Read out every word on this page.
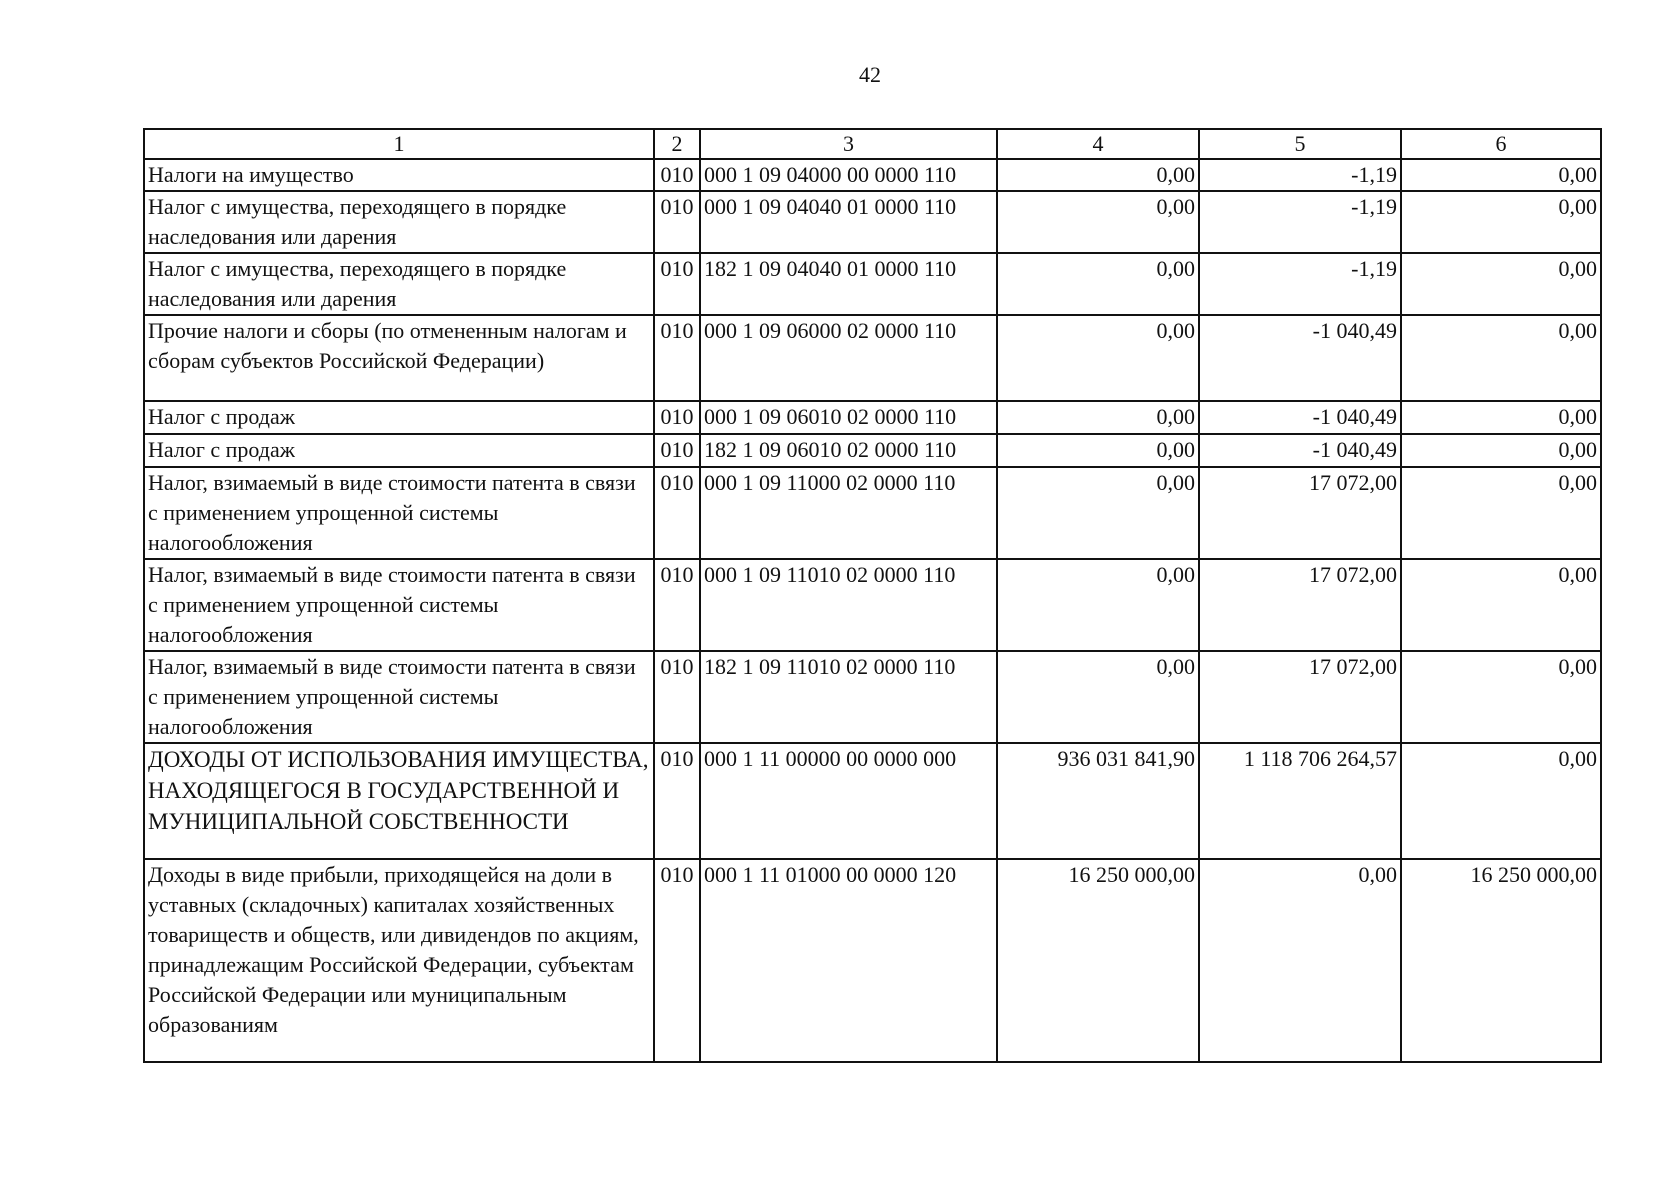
42
1	2	3	4	5	6
Налоги на имущество	010	000 1 09 04000 00 0000 110	0,00	-1,19	0,00
Налог с имущества, переходящего в порядке наследования или дарения	010	000 1 09 04040 01 0000 110	0,00	-1,19	0,00
Налог с имущества, переходящего в порядке наследования или дарения	010	182 1 09 04040 01 0000 110	0,00	-1,19	0,00
Прочие налоги и сборы (по отмененным налогам и сборам субъектов Российской Федерации)	010	000 1 09 06000 02 0000 110	0,00	-1 040,49	0,00
Налог с продаж	010	000 1 09 06010 02 0000 110	0,00	-1 040,49	0,00
Налог с продаж	010	182 1 09 06010 02 0000 110	0,00	-1 040,49	0,00
Налог, взимаемый в виде стоимости патента в связи с применением упрощенной системы налогообложения	010	000 1 09 11000 02 0000 110	0,00	17 072,00	0,00
Налог, взимаемый в виде стоимости патента в связи с применением упрощенной системы налогообложения	010	000 1 09 11010 02 0000 110	0,00	17 072,00	0,00
Налог, взимаемый в виде стоимости патента в связи с применением упрощенной системы налогообложения	010	182 1 09 11010 02 0000 110	0,00	17 072,00	0,00
ДОХОДЫ ОТ ИСПОЛЬЗОВАНИЯ ИМУЩЕСТВА, НАХОДЯЩЕГОСЯ В ГОСУДАРСТВЕННОЙ И МУНИЦИПАЛЬНОЙ СОБСТВЕННОСТИ	010	000 1 11 00000 00 0000 000	936 031 841,90	1 118 706 264,57	0,00
Доходы в виде прибыли, приходящейся на доли в уставных (складочных) капиталах хозяйственных товариществ и обществ, или дивидендов по акциям, принадлежащим Российской Федерации, субъектам Российской Федерации или муниципальным образованиям	010	000 1 11 01000 00 0000 120	16 250 000,00	0,00	16 250 000,00
